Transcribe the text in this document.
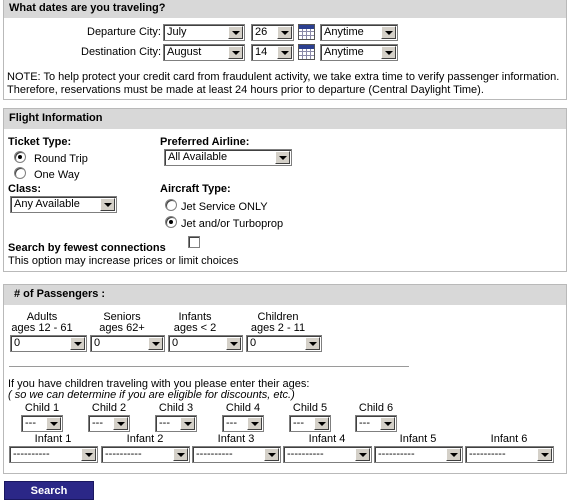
What dates are you traveling?
Departure City: July	26	Anytime
Destination City: August	14	Anytime
NOTE: To help protect your credit card from fraudulent activity, we take extra time to verify passenger information.
Therefore, reservations must be made at least 24 hours prior to departure (Central Daylight Time).
Flight Information
Ticket Type:
Round Trip
One Way
Preferred Airline:
All Available
Class:
Any Available
Aircraft Type:
Jet Service ONLY
Jet and/or Turboprop
Search by fewest connections
This option may increase prices or limit choices
# of Passengers :
Adults
ages 12 - 61
0
Seniors
ages 62+
0
Infants
ages < 2
0
Children
ages 2 - 11
0
If you have children traveling with you please enter their ages:
( so we can determine if you are eligible for discounts, etc.)
Child 1
---
Child 2
---
Child 3
---
Child 4
---
Child 5
---
Child 6
---
Infant 1
----------
Infant 2
----------
Infant 3
----------
Infant 4
----------
Infant 5
----------
Infant 6
----------
Search
